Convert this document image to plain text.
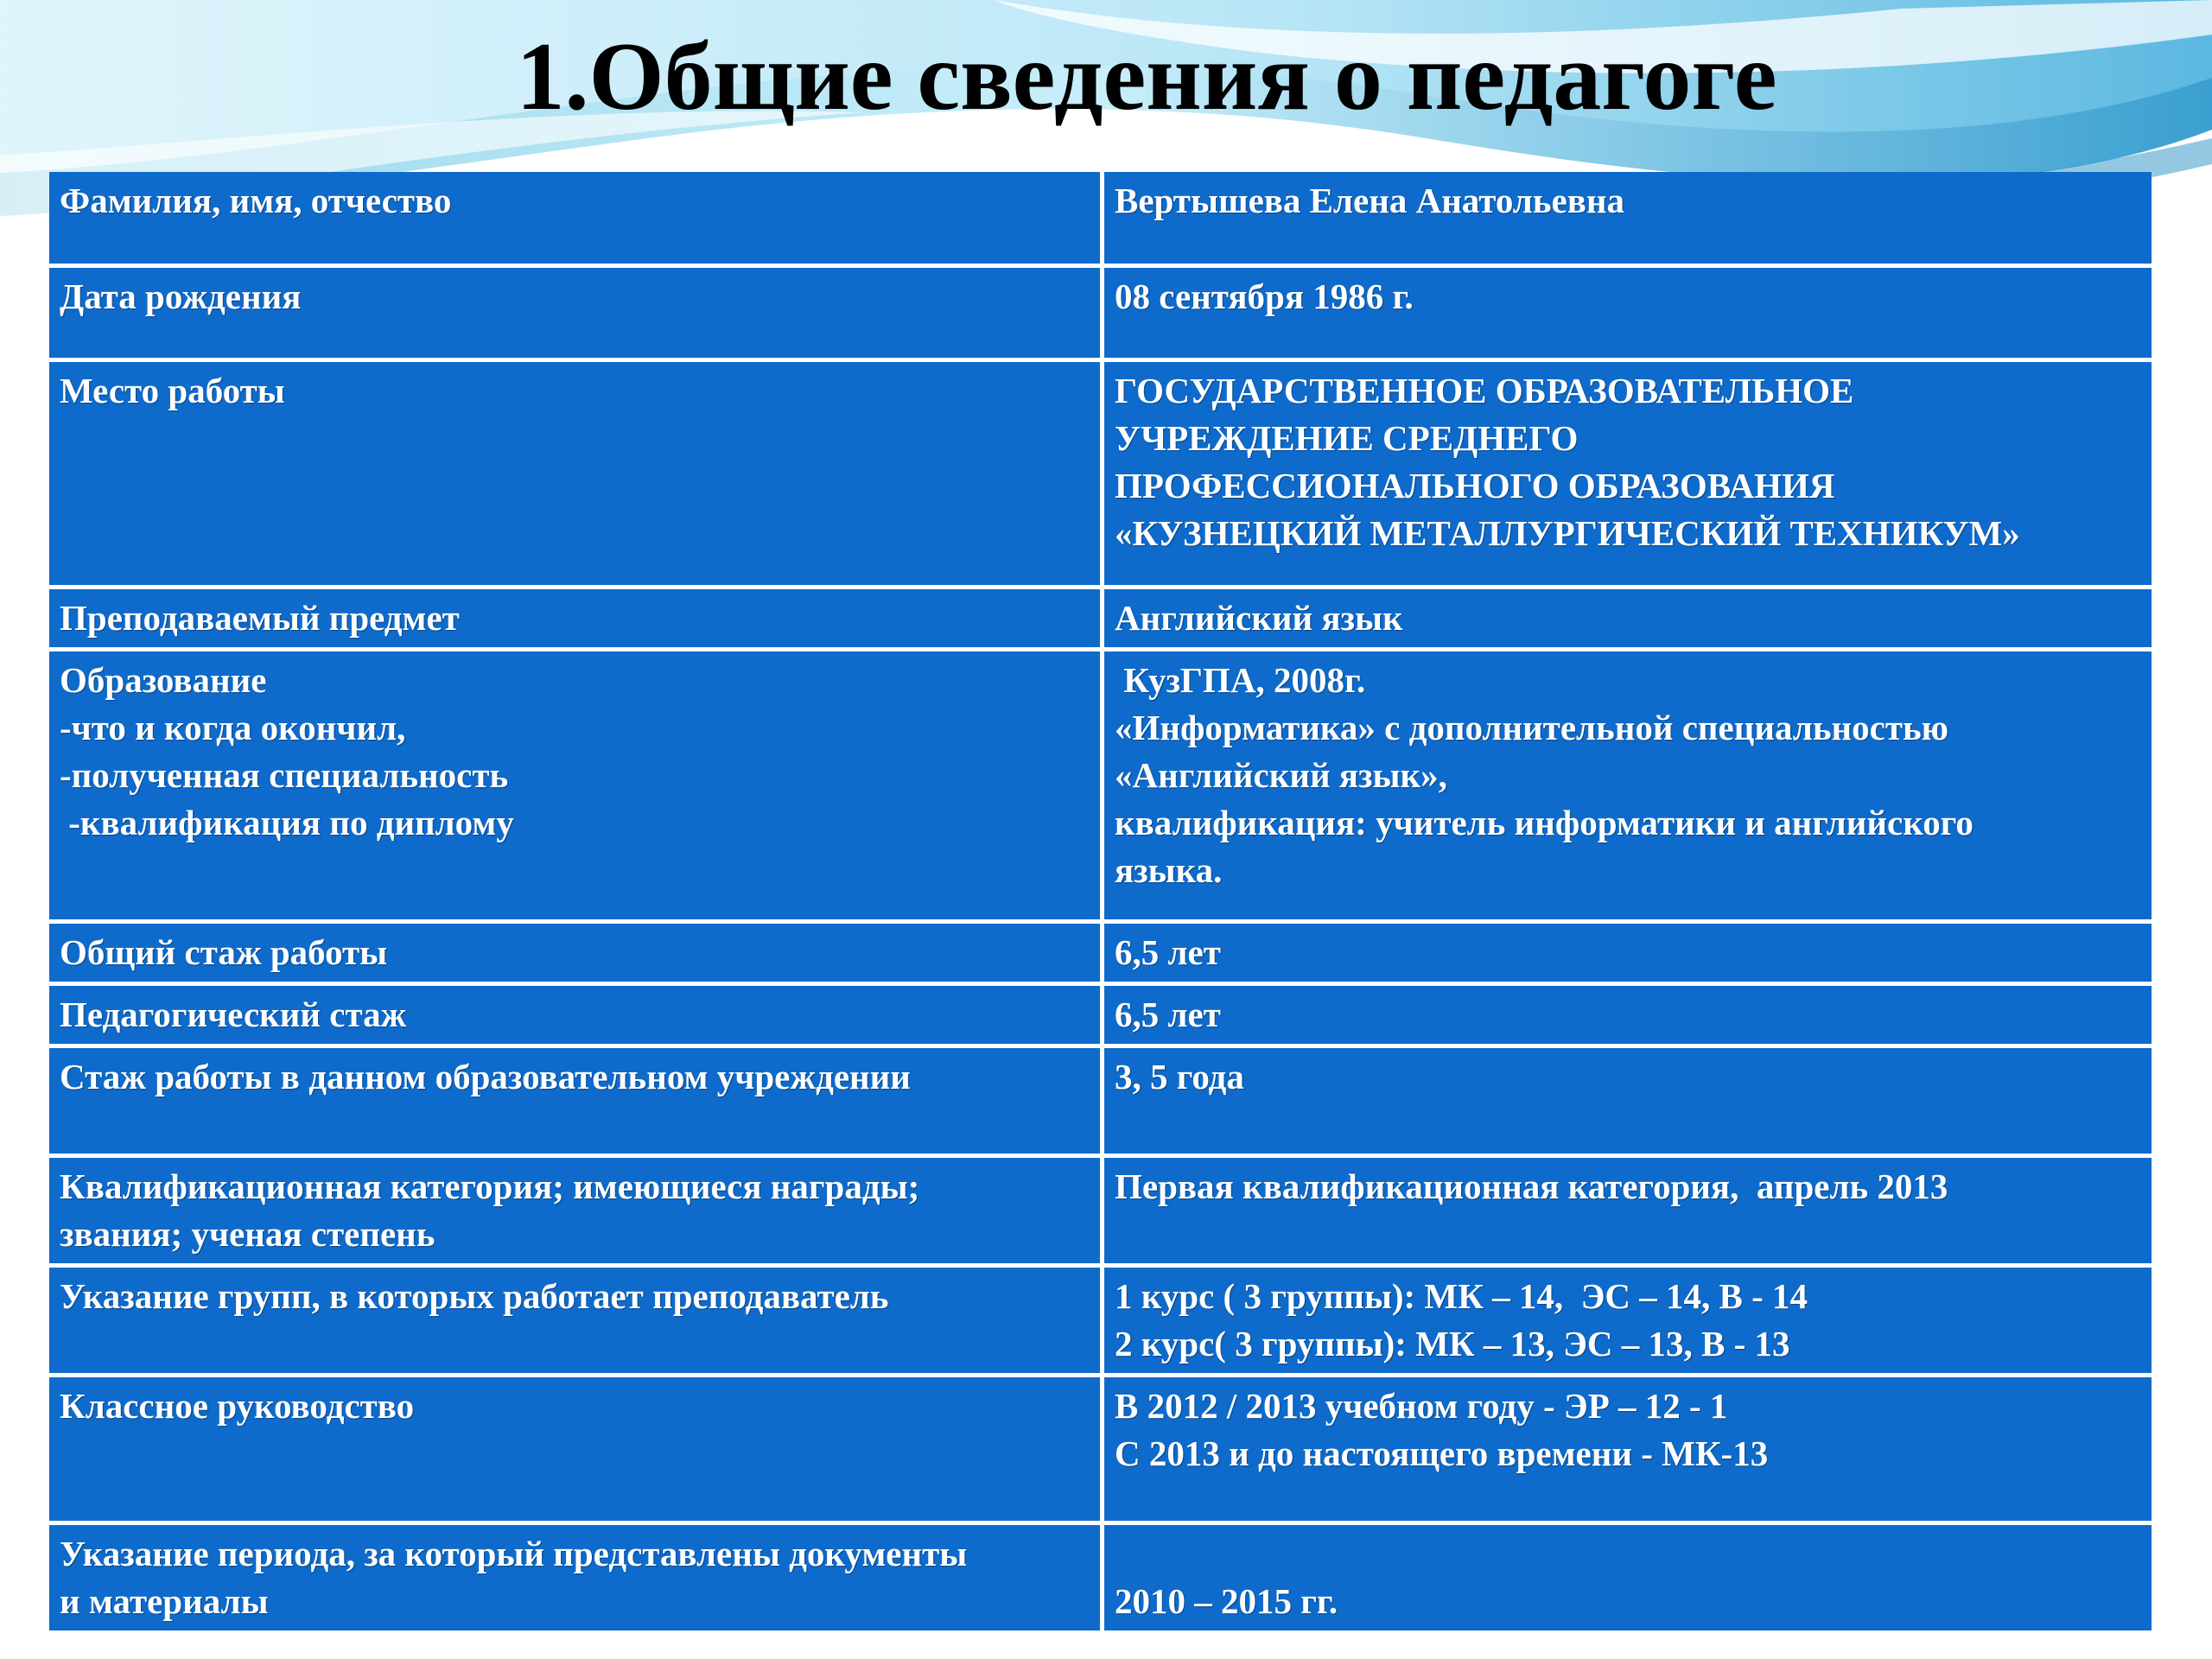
1.Общие сведения о педагоге
Фамилия, имя, отчество	Вертышева Елена Анатольевна

Дата рождения	08 сентября 1986 г.

Место работы	ГОСУДАРСТВЕННОЕ ОБРАЗОВАТЕЛЬНОЕ
УЧРЕЖДЕНИЕ СРЕДНЕГО
ПРОФЕССИОНАЛЬНОГО ОБРАЗОВАНИЯ
«КУЗНЕЦКИЙ МЕТАЛЛУРГИЧЕСКИЙ ТЕХНИКУМ»

Преподаваемый предмет	Английский язык

Образование
-что и когда окончил,
-полученная специальность
-квалификация по диплому	КузГПА, 2008г.
«Информатика» с дополнительной специальностью
«Английский язык»,
квалификация: учитель информатики и английского
языка.

Общий стаж работы	6,5 лет

Педагогический стаж	6,5 лет

Стаж работы в данном образовательном учреждении	3, 5 года

Квалификационная категория; имеющиеся награды;
звания; ученая степень	Первая квалификационная категория,  апрель 2013

Указание групп, в которых работает преподаватель	1 курс ( 3 группы): МК – 14,  ЭС – 14, В - 14
2 курс( 3 группы): МК – 13, ЭС – 13, В - 13

Классное руководство	В 2012 / 2013 учебном году - ЭР – 12 - 1
С 2013 и до настоящего времени - МК-13

Указание периода, за который представлены документы
и материалы	2010 – 2015 гг.
